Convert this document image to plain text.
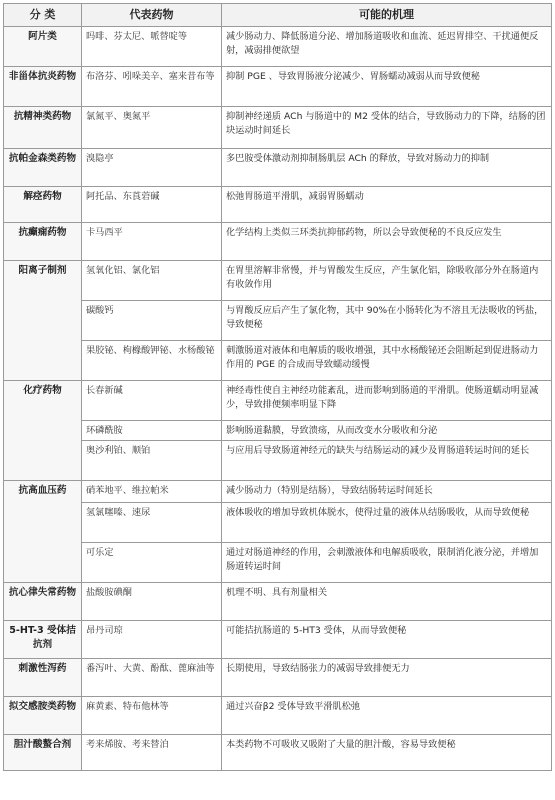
分 类	代表药物	可能的机理
阿片类	吗啡、芬太尼、哌替啶等	减少肠动力、降低肠道分泌、增加肠道吸收和血流、延迟胃排空、干扰通便反射，减弱排便欲望
非甾体抗炎药物	布洛芬、吲哚美辛、塞来昔布等	抑制 PGE 、导致胃肠液分泌减少、胃肠蠕动减弱从而导致便秘
抗精神类药物	氯氮平、奥氮平	抑制神经递质 ACh 与肠道中的 M2 受体的结合，导致肠动力的下降，结肠的团块运动时间延长
抗帕金森类药物	溴隐亭	多巴胺受体激动剂抑制肠肌层 ACh 的释放，导致对肠动力的抑制
解痉药物	阿托品、东莨菪碱	松弛胃肠道平滑肌，减弱胃肠蠕动
抗癫痫药物	卡马西平	化学结构上类似三环类抗抑郁药物，所以会导致便秘的不良反应发生
阳离子制剂	氢氧化铝、氯化铝	在胃里溶解非常慢，并与胃酸发生反应，产生氯化铝，除吸收部分外在肠道内有收敛作用
	碳酸钙	与胃酸反应后产生了氯化物，其中 90%在小肠转化为不溶且无法吸收的钙盐，导致便秘
	果胶铋、枸橼酸钾铋、水杨酸铋	刺激肠道对液体和电解质的吸收增强，其中水杨酸铋还会阻断起到促进肠动力作用的 PGE 的合成而导致蠕动缓慢
化疗药物	长春新碱	神经毒性使自主神经功能紊乱，进而影响到肠道的平滑肌。使肠道蠕动明显减少，导致排便频率明显下降
	环磷酰胺	影响肠道黏膜，导致溃疡，从而改变水分吸收和分泌
	奥沙利铂、顺铂	与应用后导致肠道神经元的缺失与结肠运动的减少及胃肠道转运时间的延长
抗高血压药	硝苯地平、维拉帕米	减少肠动力（特别是结肠），导致结肠转运时间延长
	氢氯噻嗪、速尿	液体吸收的增加导致机体脱水，使得过量的液体从结肠吸收，从而导致便秘
	可乐定	通过对肠道神经的作用，会刺激液体和电解质吸收，限制消化液分泌，并增加肠道转运时间
抗心律失常药物	盐酸胺碘酮	机理不明、具有剂量相关
5-HT-3 受体拮抗剂	昂丹司琼	可能拮抗肠道的 5-HT3 受体，从而导致便秘
刺激性泻药	番泻叶、大黄、酚酞、蓖麻油等	长期使用，导致结肠张力的减弱导致排便无力
拟交感胺类药物	麻黄素、特布他林等	通过兴奋β2 受体导致平滑肌松弛
胆汁酸螯合剂	考来烯胺、考来替泊	本类药物不可吸收又吸附了大量的胆汁酸，容易导致便秘
